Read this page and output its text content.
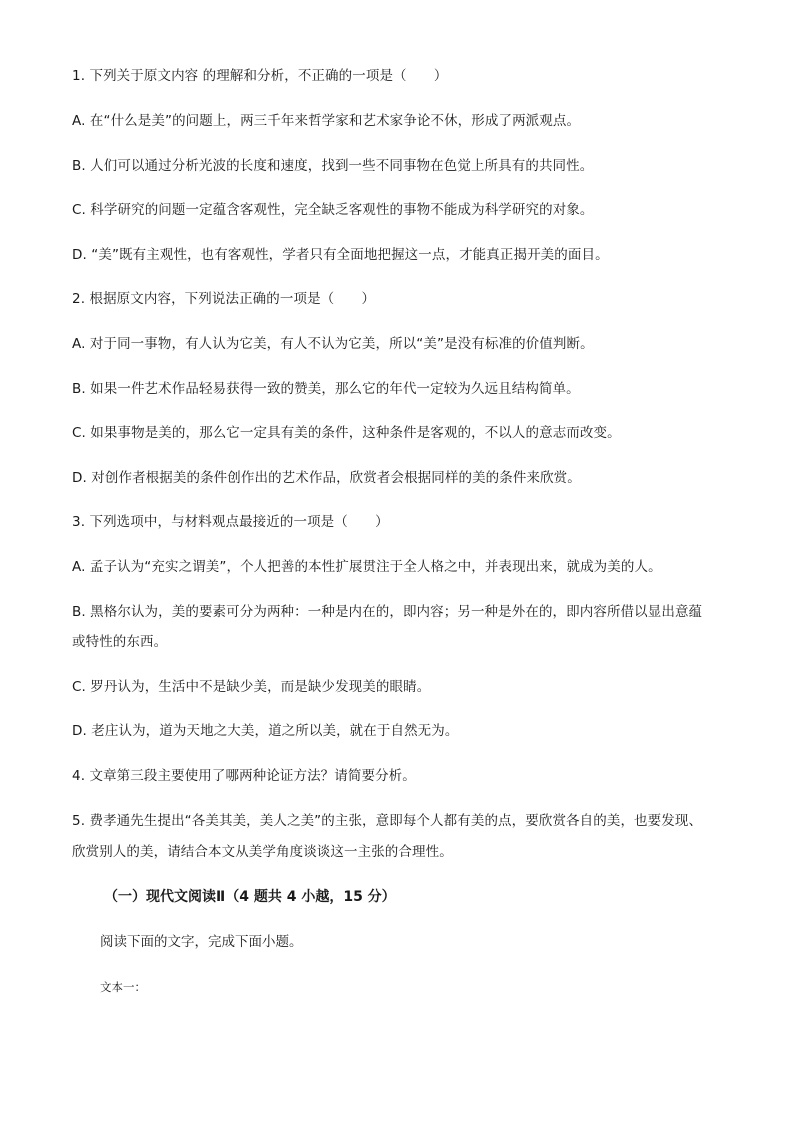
1. 下列关于原文内容 的理解和分析，不正确的一项是（　　）
A. 在“什么是美”的问题上，两三千年来哲学家和艺术家争论不休，形成了两派观点。
B. 人们可以通过分析光波的长度和速度，找到一些不同事物在色觉上所具有的共同性。
C. 科学研究的问题一定蕴含客观性，完全缺乏客观性的事物不能成为科学研究的对象。
D. “美”既有主观性，也有客观性，学者只有全面地把握这一点，才能真正揭开美的面目。
2. 根据原文内容，下列说法正确的一项是（　　）
A. 对于同一事物，有人认为它美，有人不认为它美，所以“美”是没有标准的价值判断。
B. 如果一件艺术作品轻易获得一致的赞美，那么它的年代一定较为久远且结构简单。
C. 如果事物是美的，那么它一定具有美的条件，这种条件是客观的，不以人的意志而改变。
D. 对创作者根据美的条件创作出的艺术作品，欣赏者会根据同样的美的条件来欣赏。
3. 下列选项中，与材料观点最接近的一项是（　　）
A. 孟子认为“充实之谓美”，个人把善的本性扩展贯注于全人格之中，并表现出来，就成为美的人。
B. 黑格尔认为，美的要素可分为两种：一种是内在的，即内容；另一种是外在的，即内容所借以显出意蕴
或特性的东西。
C. 罗丹认为，生活中不是缺少美，而是缺少发现美的眼睛。
D. 老庄认为，道为天地之大美，道之所以美，就在于自然无为。
4. 文章第三段主要使用了哪两种论证方法？请简要分析。
5. 费孝通先生提出“各美其美，美人之美”的主张，意即每个人都有美的点，要欣赏各自的美，也要发现、
欣赏别人的美，请结合本文从美学角度谈谈这一主张的合理性。
（一）现代文阅读Ⅱ（4 题共 4 小越，15 分）
阅读下面的文字，完成下面小题。
文本一：
